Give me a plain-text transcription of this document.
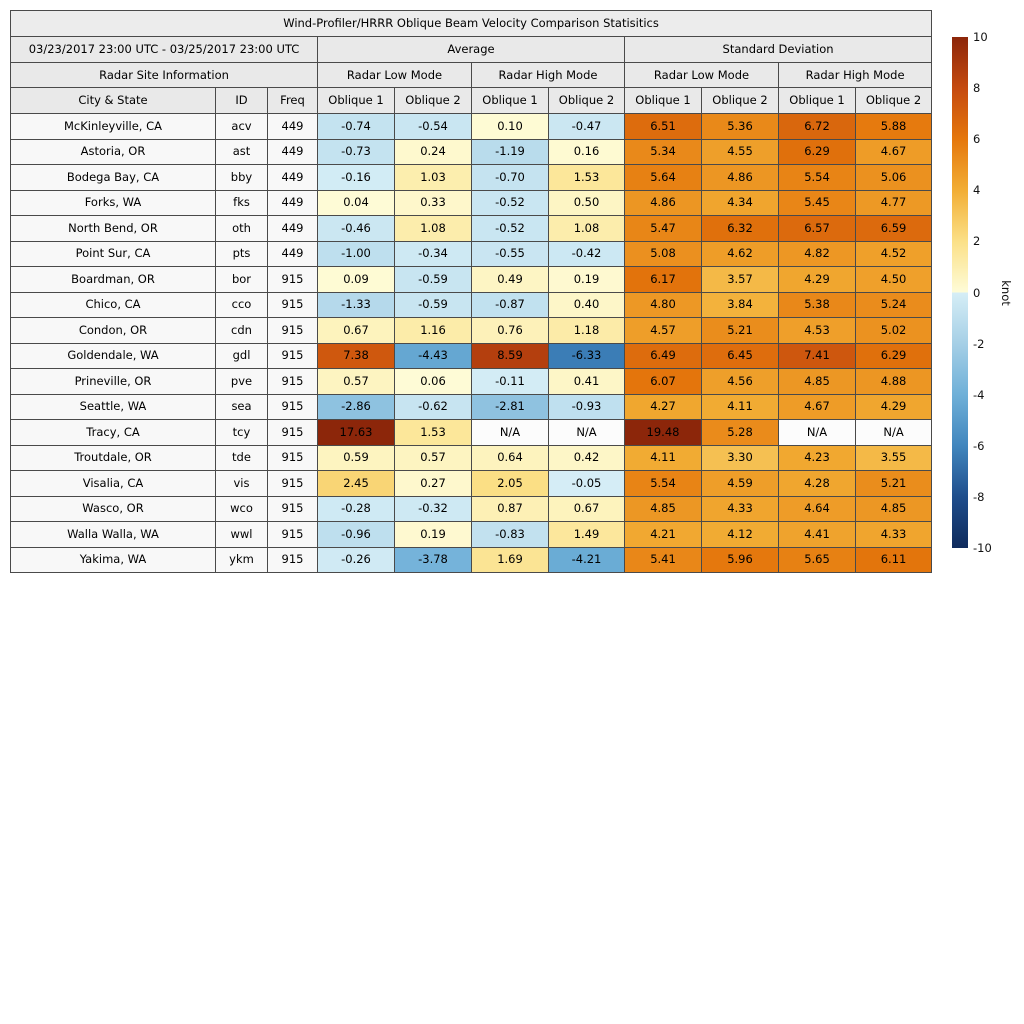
Wind-Profiler/HRRR Oblique Beam Velocity Comparison Statisitics										
03/23/2017 23:00 UTC - 03/25/2017 23:00 UTC			Average				Standard Deviation			
Radar Site Information			Radar Low Mode		Radar High Mode		Radar Low Mode		Radar High Mode	
City & State	ID	Freq	Oblique 1	Oblique 2	Oblique 1	Oblique 2	Oblique 1	Oblique 2	Oblique 1	Oblique 2
McKinleyville, CA	acv	449	-0.74	-0.54	0.10	-0.47	6.51	5.36	6.72	5.88
Astoria, OR	ast	449	-0.73	0.24	-1.19	0.16	5.34	4.55	6.29	4.67
Bodega Bay, CA	bby	449	-0.16	1.03	-0.70	1.53	5.64	4.86	5.54	5.06
Forks, WA	fks	449	0.04	0.33	-0.52	0.50	4.86	4.34	5.45	4.77
North Bend, OR	oth	449	-0.46	1.08	-0.52	1.08	5.47	6.32	6.57	6.59
Point Sur, CA	pts	449	-1.00	-0.34	-0.55	-0.42	5.08	4.62	4.82	4.52
Boardman, OR	bor	915	0.09	-0.59	0.49	0.19	6.17	3.57	4.29	4.50
Chico, CA	cco	915	-1.33	-0.59	-0.87	0.40	4.80	3.84	5.38	5.24
Condon, OR	cdn	915	0.67	1.16	0.76	1.18	4.57	5.21	4.53	5.02
Goldendale, WA	gdl	915	7.38	-4.43	8.59	-6.33	6.49	6.45	7.41	6.29
Prineville, OR	pve	915	0.57	0.06	-0.11	0.41	6.07	4.56	4.85	4.88
Seattle, WA	sea	915	-2.86	-0.62	-2.81	-0.93	4.27	4.11	4.67	4.29
Tracy, CA	tcy	915	17.63	1.53	N/A	N/A	19.48	5.28	N/A	N/A
Troutdale, OR	tde	915	0.59	0.57	0.64	0.42	4.11	3.30	4.23	3.55
Visalia, CA	vis	915	2.45	0.27	2.05	-0.05	5.54	4.59	4.28	5.21
Wasco, OR	wco	915	-0.28	-0.32	0.87	0.67	4.85	4.33	4.64	4.85
Walla Walla, WA	wwl	915	-0.96	0.19	-0.83	1.49	4.21	4.12	4.41	4.33
Yakima, WA	ykm	915	-0.26	-3.78	1.69	-4.21	5.41	5.96	5.65	6.11
10
8
6
4
2
0
-2
-4
-6
-8
-10
knot
